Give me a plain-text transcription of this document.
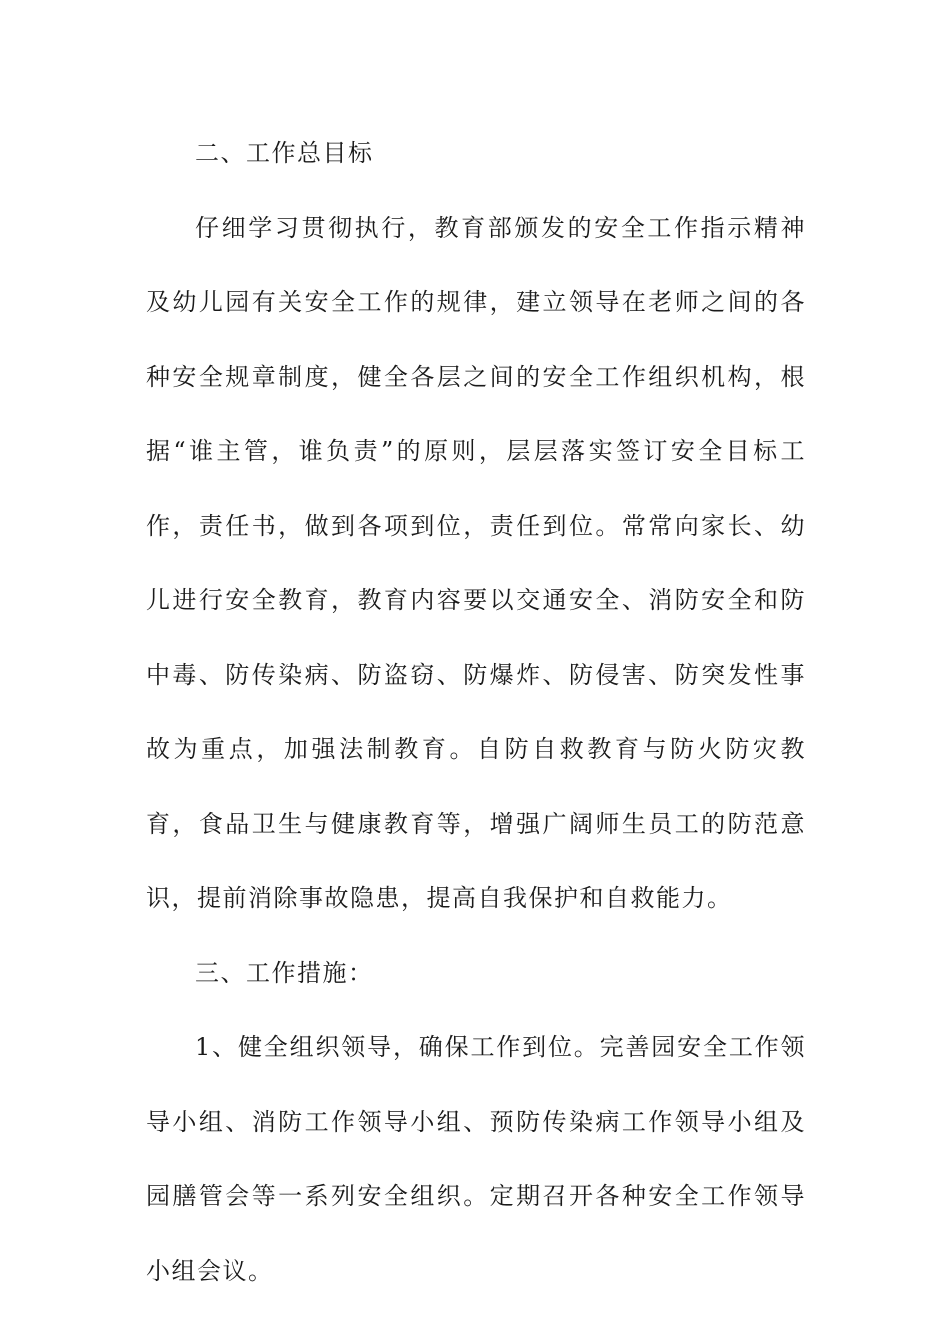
二、工作总目标

仔细学习贯彻执行，教育部颁发的安全工作指示精神及幼儿园有关安全工作的规律，建立领导在老师之间的各种安全规章制度，健全各层之间的安全工作组织机构，根据“谁主管，谁负责”的原则，层层落实签订安全目标工作，责任书，做到各项到位，责任到位。常常向家长、幼儿进行安全教育，教育内容要以交通安全、消防安全和防中毒、防传染病、防盗窃、防爆炸、防侵害、防突发性事故为重点，加强法制教育。自防自救教育与防火防灾教育，食品卫生与健康教育等，增强广阔师生员工的防范意识，提前消除事故隐患，提高自我保护和自救能力。

三、工作措施：

1、健全组织领导，确保工作到位。完善园安全工作领导小组、消防工作领导小组、预防传染病工作领导小组及园膳管会等一系列安全组织。定期召开各种安全工作领导小组会议。
